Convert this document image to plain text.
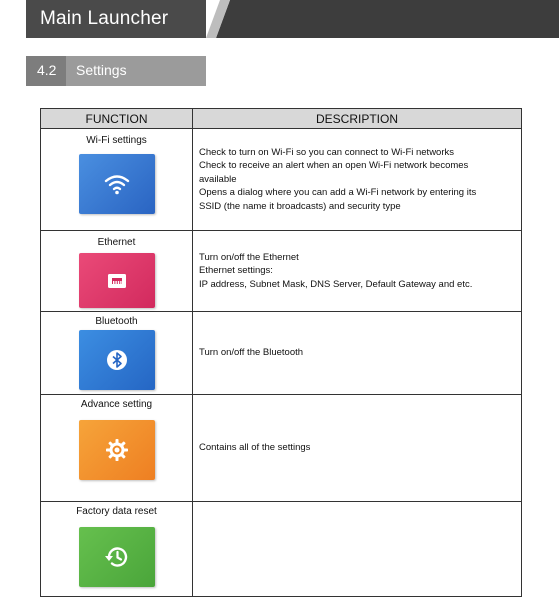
Main Launcher
4.2 Settings
FUNCTION	DESCRIPTION

Wi-Fi settings	Check to turn on Wi-Fi so you can connect to Wi-Fi networks
Check to receive an alert when an open Wi-Fi network becomes
available
Opens a dialog where you can add a Wi-Fi network by entering its
SSID (the name it broadcasts) and security type

Ethernet	Turn on/off the Ethernet
Ethernet settings:
IP address, Subnet Mask, DNS Server, Default Gateway and etc.

Bluetooth	Turn on/off the Bluetooth

Advance setting	Contains all of the settings

Factory data reset	
